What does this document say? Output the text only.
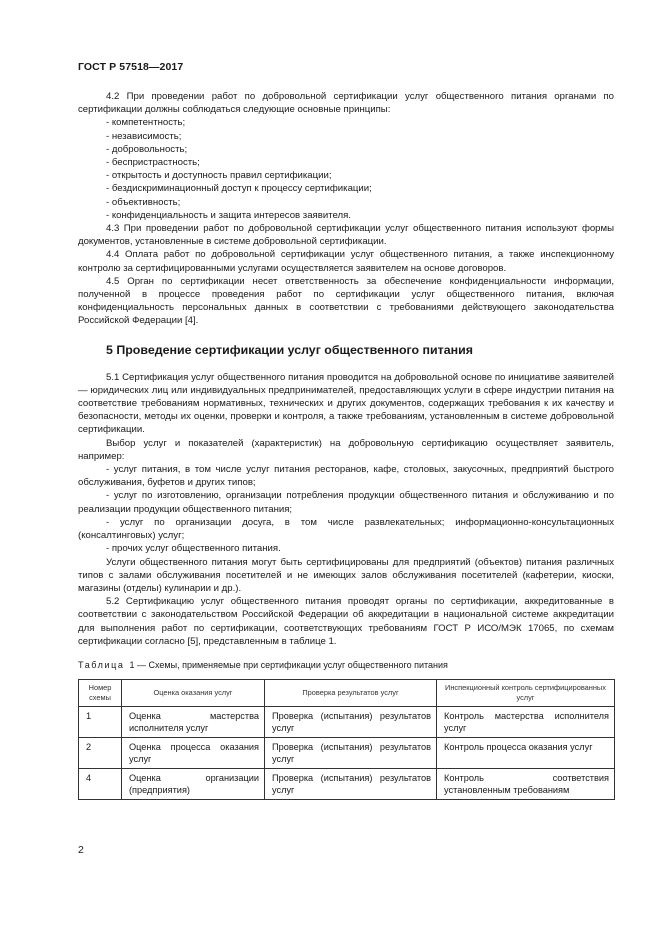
ГОСТ Р 57518—2017

4.2 При проведении работ по добровольной сертификации услуг общественного питания органами по сертификации должны соблюдаться следующие основные принципы:

- компетентность;

- независимость;

- добровольность;

- беспристрастность;

- открытость и доступность правил сертификации;

- бездискриминационный доступ к процессу сертификации;

- объективность;

- конфиденциальность и защита интересов заявителя.

4.3 При проведении работ по добровольной сертификации услуг общественного питания используют формы документов, установленные в системе добровольной сертификации.

4.4 Оплата работ по добровольной сертификации услуг общественного питания, а также инспекционному контролю за сертифицированными услугами осуществляется заявителем на основе договоров.

4.5 Орган по сертификации несет ответственность за обеспечение конфиденциальности информации, полученной в процессе проведения работ по сертификации услуг общественного питания, включая конфиденциальность персональных данных в соответствии с требованиями действующего законодательства Российской Федерации [4].

5 Проведение сертификации услуг общественного питания

5.1 Сертификация услуг общественного питания проводится на добровольной основе по инициативе заявителей — юридических лиц или индивидуальных предпринимателей, предоставляющих услуги в сфере индустрии питания на соответствие требованиям нормативных, технических и других документов, содержащих требования к их качеству и безопасности, методы их оценки, проверки и контроля, а также требованиям, установленным в системе добровольной сертификации.

Выбор услуг и показателей (характеристик) на добровольную сертификацию осуществляет заявитель, например:

- услуг питания, в том числе услуг питания ресторанов, кафе, столовых, закусочных, предприятий быстрого обслуживания, буфетов и других типов;

- услуг по изготовлению, организации потребления продукции общественного питания и обслуживанию и по реализации продукции общественного питания;

- услуг по организации досуга, в том числе развлекательных; информационно-консультационных (консалтинговых) услуг;

- прочих услуг общественного питания.

Услуги общественного питания могут быть сертифицированы для предприятий (объектов) питания различных типов с залами обслуживания посетителей и не имеющих залов обслуживания посетителей (кафетерии, киоски, магазины (отделы) кулинарии и др.).

5.2 Сертификацию услуг общественного питания проводят органы по сертификации, аккредитованные в соответствии с законодательством Российской Федерации об аккредитации в национальной системе аккредитации для выполнения работ по сертификации, соответствующих требованиям ГОСТ Р ИСО/МЭК 17065, по схемам сертификации согласно [5], представленным в таблице 1.

Таблица 1 — Схемы, применяемые при сертификации услуг общественного питания
Номер схемы	Оценка оказания услуг	Проверка результатов услуг	Инспекционный контроль сертифицированных услуг
1	Оценка мастерства исполнителя услуг	Проверка (испытания) результатов услуг	Контроль мастерства исполнителя услуг
2	Оценка процесса оказания услуг	Проверка (испытания) результатов услуг	Контроль процесса оказания услуг
4	Оценка организации (предприятия)	Проверка (испытания) результатов услуг	Контроль соответствия установленным требованиям
2
